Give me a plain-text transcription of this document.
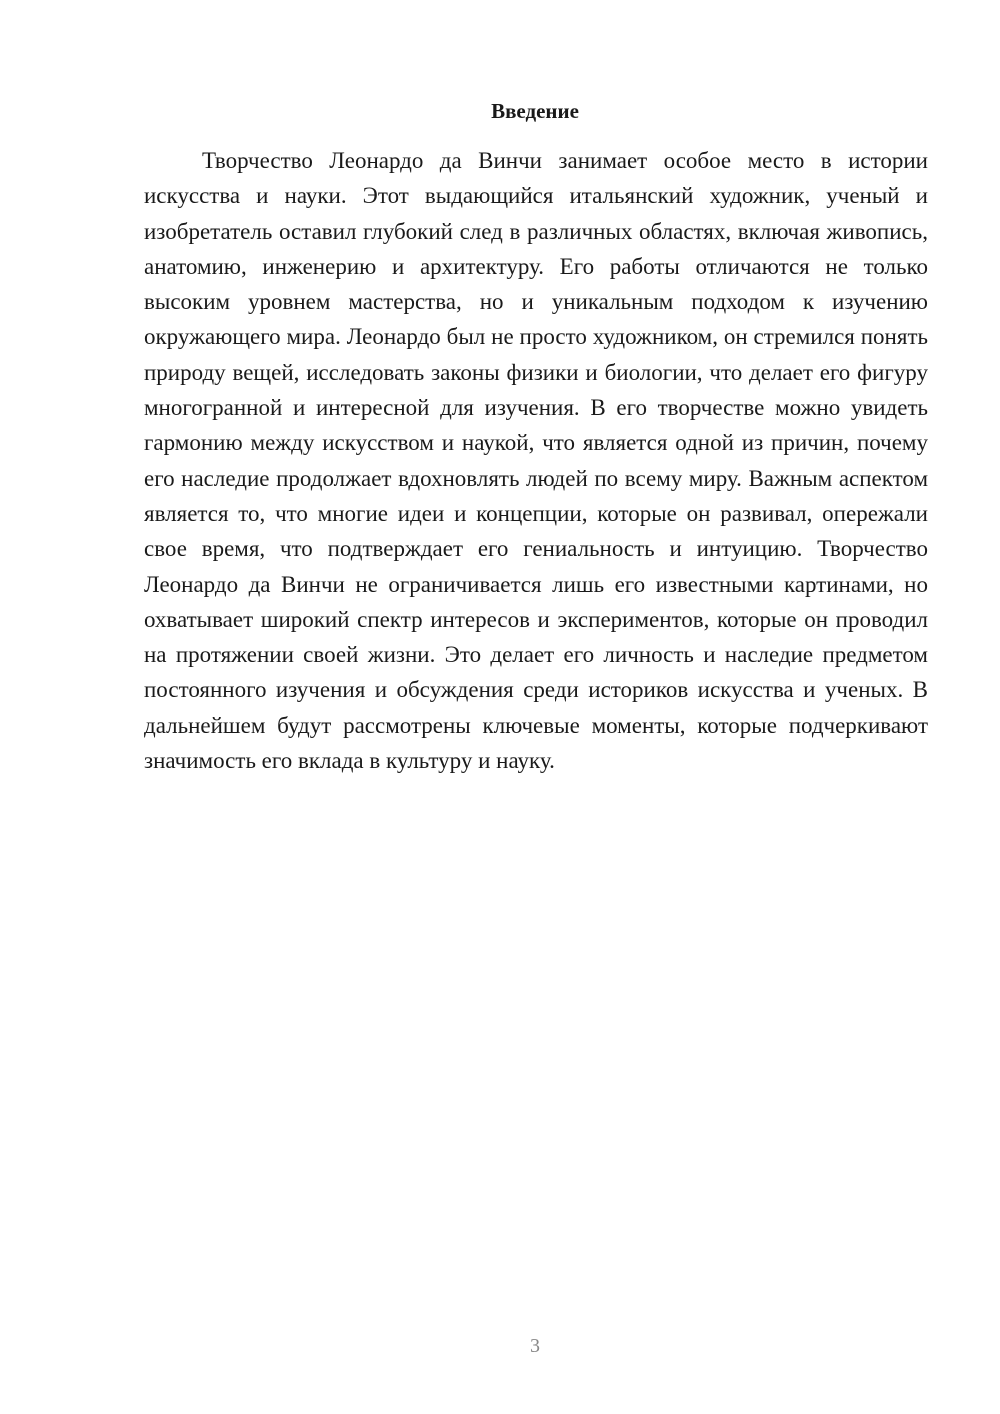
Введение

Творчество Леонардо да Винчи занимает особое место в истории искусства и науки. Этот выдающийся итальянский художник, ученый и изобретатель оставил глубокий след в различных областях, включая живопись, анатомию, инженерию и архитектуру. Его работы отличаются не только высоким уровнем мастерства, но и уникальным подходом к изучению окружающего мира. Леонардо был не просто художником, он стремился понять природу вещей, исследовать законы физики и биологии, что делает его фигуру многогранной и интересной для изучения. В его творчестве можно увидеть гармонию между искусством и наукой, что является одной из причин, почему его наследие продолжает вдохновлять людей по всему миру. Важным аспектом является то, что многие идеи и концепции, которые он развивал, опережали свое время, что подтверждает его гениальность и интуицию. Творчество Леонардо да Винчи не ограничивается лишь его известными картинами, но охватывает широкий спектр интересов и экспериментов, которые он проводил на протяжении своей жизни. Это делает его личность и наследие предметом постоянного изучения и обсуждения среди историков искусства и ученых. В дальнейшем будут рассмотрены ключевые моменты, которые подчеркивают значимость его вклада в культуру и науку.

3
